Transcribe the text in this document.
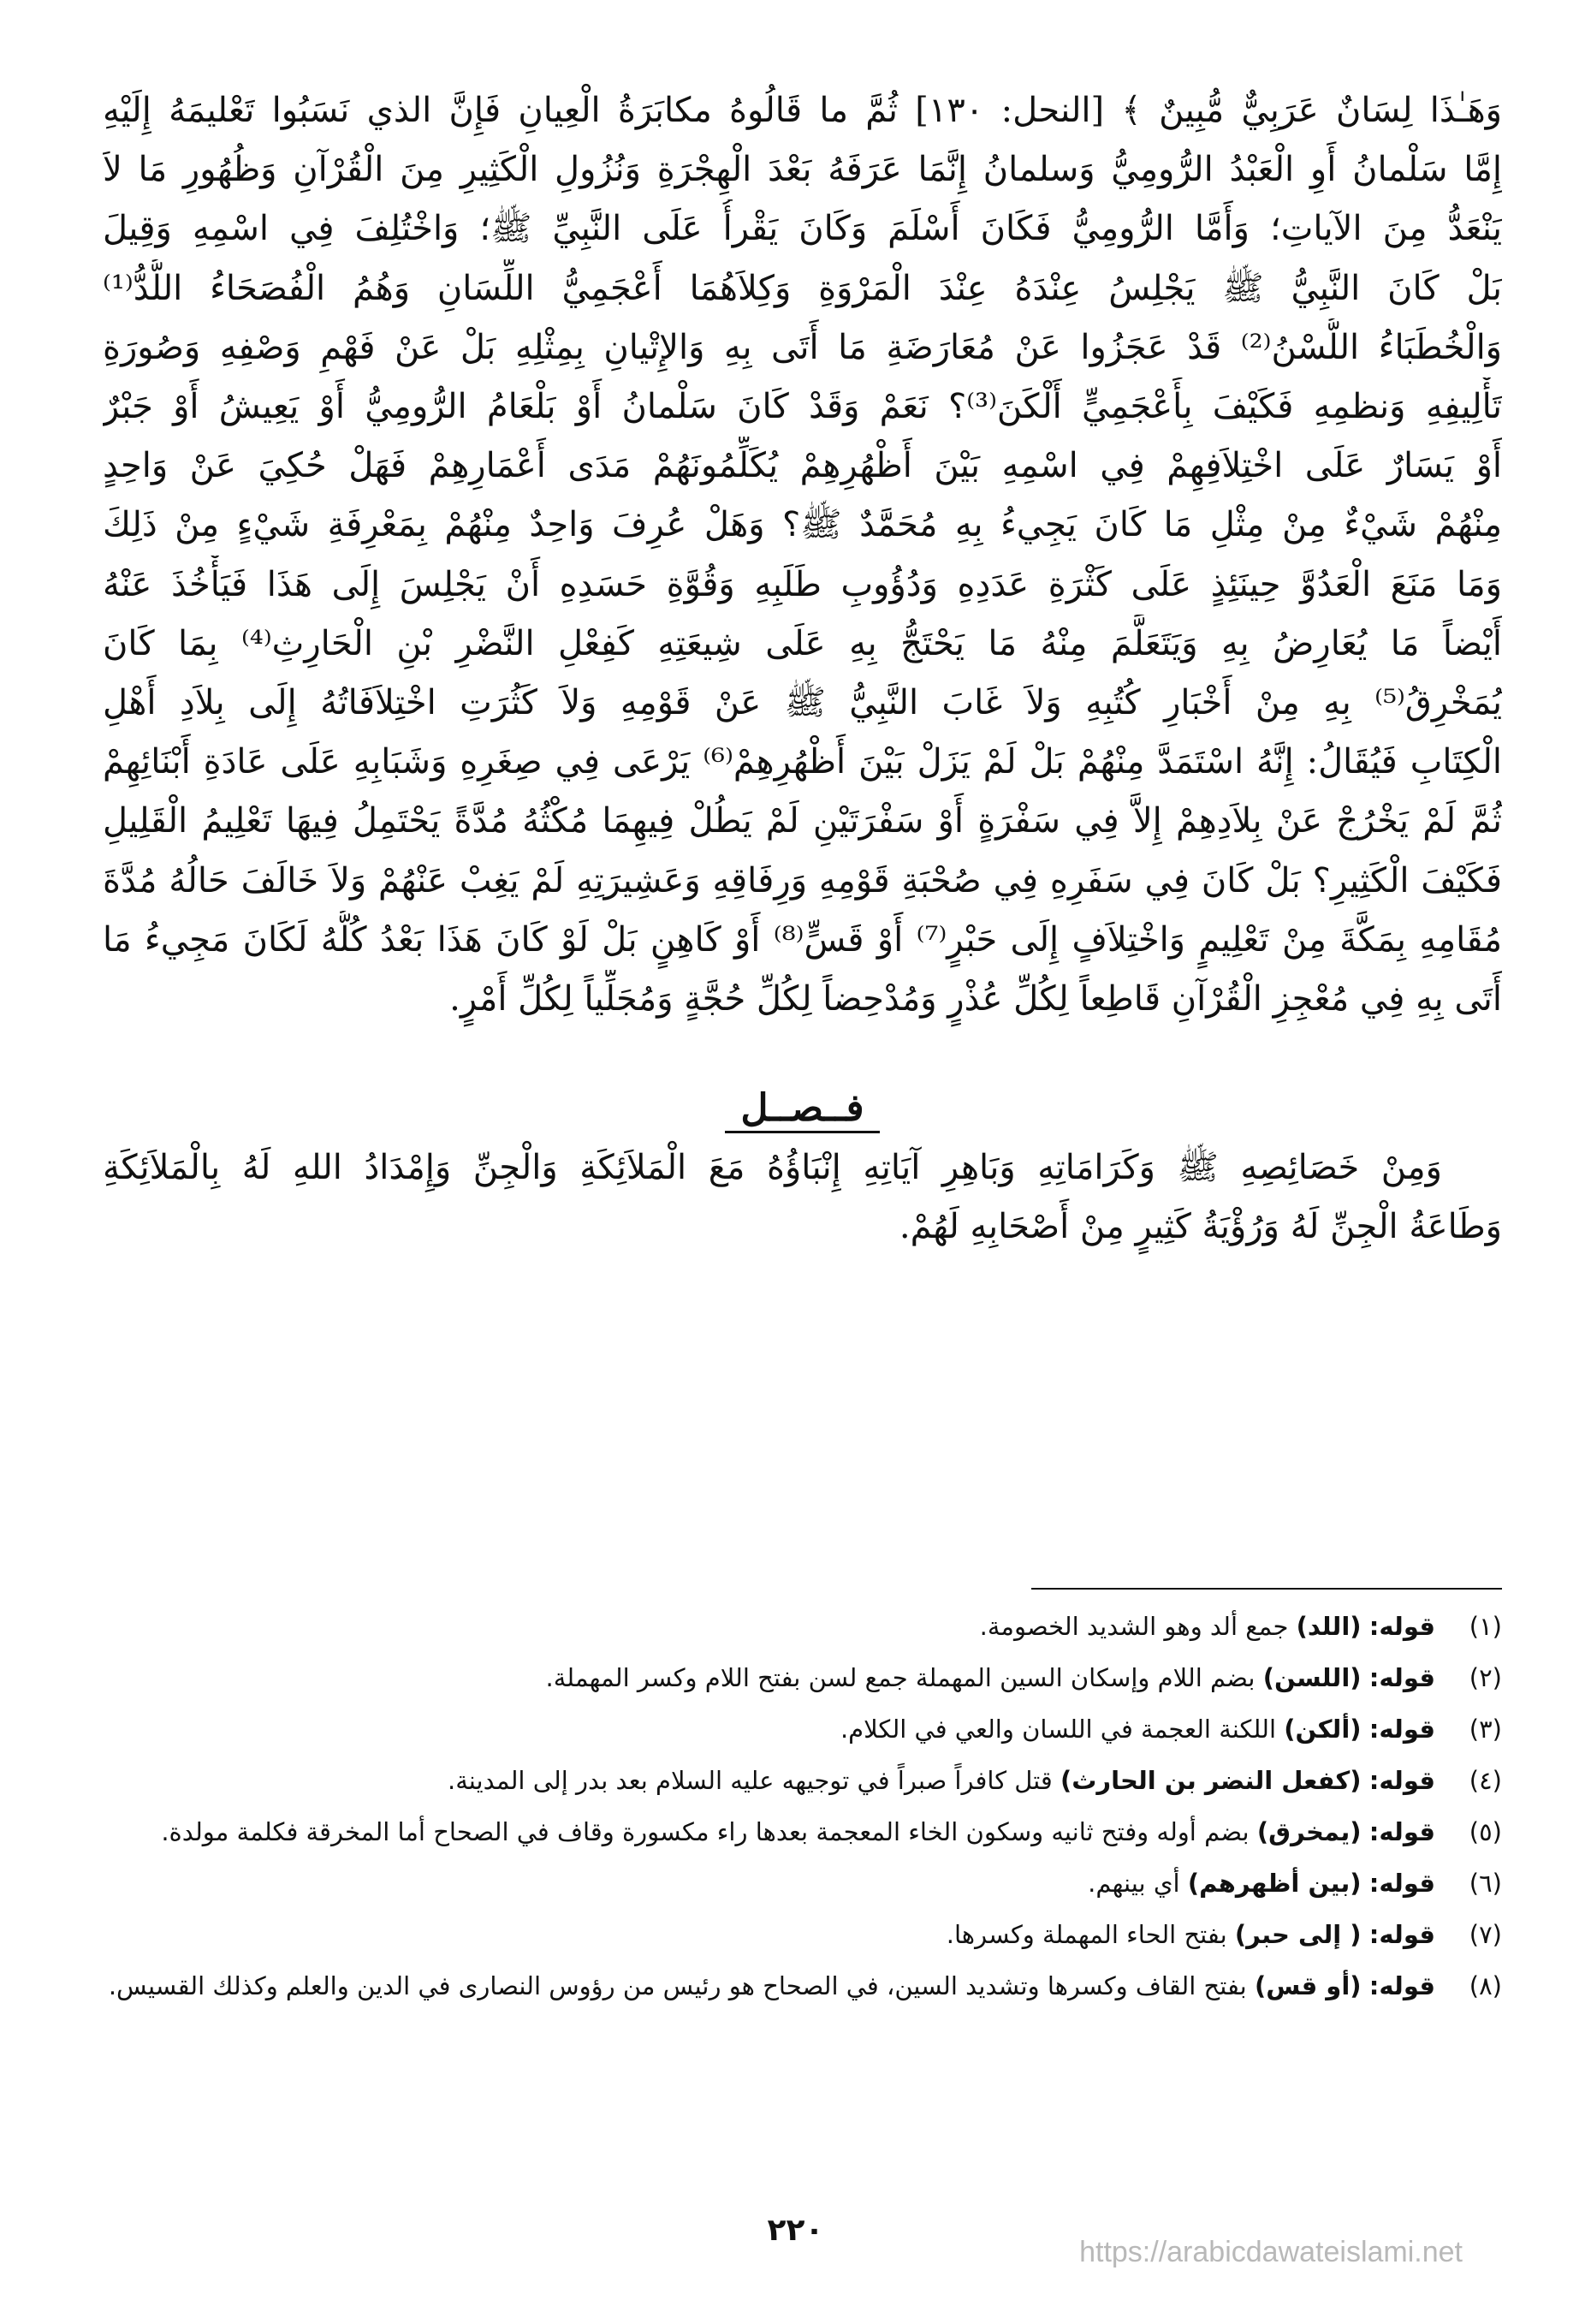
وَهَـٰذَا لِسَانٌ عَرَبِيٌّ مُّبِينٌ ﴾ [النحل: ١٣٠] ثُمَّ ما قَالُوهُ مكابَرَةُ الْعِيانِ فَإِنَّ الذي نَسَبُوا تَعْليمَهُ إِلَيْهِ

إِمَّا سَلْمانُ أَوِ الْعَبْدُ الرُّومِيُّ وَسلمانُ إِنَّمَا عَرَفَهُ بَعْدَ الْهِجْرَةِ وَنُزُولِ الْكَثِيرِ مِنَ الْقُرْآنِ وَظُهُورِ مَا لاَ

يَنْعَدُّ مِنَ الآياتِ؛ وَأَمَّا الرُّومِيُّ فَكَانَ أَسْلَمَ وَكَانَ يَقْرأُ عَلَى النَّبِيِّ ﷺ؛ وَاخْتُلِفَ فِي اسْمِهِ وَقِيلَ

بَلْ كَانَ النَّبِيُّ ﷺ يَجْلِسُ عِنْدَهُ عِنْدَ الْمَرْوَةِ وَكِلاَهُمَا أَعْجَمِيُّ اللِّسَانِ وَهُمُ الْفُصَحَاءُ اللُّدُّ⁽¹⁾

وَالْخُطَبَاءُ اللُّسْنُ⁽²⁾ قَدْ عَجَزُوا عَنْ مُعَارَضَةِ مَا أَتَى بِهِ وَالإِتْيانِ بِمِثْلِهِ بَلْ عَنْ فَهْمِ وَصْفِهِ وَصُورَةِ

تَأْلِيفِهِ وَنظمِهِ فَكَيْفَ بِأَعْجَمِيٍّ أَلْكَنَ⁽³⁾؟ نَعَمْ وَقَدْ كَانَ سَلْمانُ أَوْ بَلْعَامُ الرُّومِيُّ أَوْ يَعِيشُ أَوْ جَبْرٌ

أَوْ يَسَارٌ عَلَى اخْتِلاَفِهِمْ فِي اسْمِهِ بَيْنَ أَظْهُرِهِمْ يُكَلِّمُونَهُمْ مَدَى أَعْمَارِهِمْ فَهَلْ حُكِيَ عَنْ وَاحِدٍ

مِنْهُمْ شَيْءٌ مِنْ مِثْلِ مَا كَانَ يَجِيءُ بِهِ مُحَمَّدٌ ﷺ؟ وَهَلْ عُرِفَ وَاحِدٌ مِنْهُمْ بِمَعْرِفَةِ شَيْءٍ مِنْ ذَلِكَ

وَمَا مَنَعَ الْعَدُوَّ حِينَئِذٍ عَلَى كَثْرَةِ عَدَدِهِ وَدُؤُوبِ طَلَبِهِ وَقُوَّةِ حَسَدِهِ أَنْ يَجْلِسَ إِلَى هَذَا فَيَأْخُذَ عَنْهُ

أَيْضاً مَا يُعَارِضُ بِهِ وَيَتَعَلَّمَ مِنْهُ مَا يَحْتَجُّ بِهِ عَلَى شِيعَتِهِ كَفِعْلِ النَّضْرِ بْنِ الْحَارِثِ⁽⁴⁾ بِمَا كَانَ

يُمَخْرِقُ⁽⁵⁾ بِهِ مِنْ أَخْبَارِ كُتُبِهِ وَلاَ غَابَ النَّبِيُّ ﷺ عَنْ قَوْمِهِ وَلاَ كَثُرَتِ اخْتِلاَفَاتُهُ إِلَى بِلاَدِ أَهْلِ

الْكِتَابِ فَيُقَالُ: إِنَّهُ اسْتَمَدَّ مِنْهُمْ بَلْ لَمْ يَزَلْ بَيْنَ أَظْهُرِهِمْ⁽⁶⁾ يَرْعَى فِي صِغَرِهِ وَشَبَابِهِ عَلَى عَادَةِ أَبْنَائِهِمْ

ثُمَّ لَمْ يَخْرُجْ عَنْ بِلاَدِهِمْ إِلاَّ فِي سَفْرَةٍ أَوْ سَفْرَتَيْنِ لَمْ يَطُلْ فِيهِمَا مُكْثُهُ مُدَّةً يَحْتَمِلُ فِيهَا تَعْلِيمُ الْقَلِيلِ

فَكَيْفَ الْكَثِيرِ؟ بَلْ كَانَ فِي سَفَرِهِ فِي صُحْبَةِ قَوْمِهِ وَرِفَاقِهِ وَعَشِيرَتِهِ لَمْ يَغِبْ عَنْهُمْ وَلاَ خَالَفَ حَالُهُ مُدَّةَ

مُقَامِهِ بِمَكَّةَ مِنْ تَعْلِيمٍ وَاخْتِلاَفٍ إِلَى حَبْرٍ⁽⁷⁾ أَوْ قَسٍّ⁽⁸⁾ أَوْ كَاهِنٍ بَلْ لَوْ كَانَ هَذَا بَعْدُ كُلُّهُ لَكَانَ مَجِيءُ مَا

أَتَى بِهِ فِي مُعْجِزِ الْقُرْآنِ قَاطِعاً لِكُلِّ عُذْرٍ وَمُدْحِضاً لِكُلِّ حُجَّةٍ وَمُجَلِّياً لِكُلِّ أَمْرٍ.

فــصــل

وَمِنْ خَصَائِصِهِ ﷺ وَكَرَامَاتِهِ وَبَاهِرِ آيَاتِهِ إِنْبَاؤُهُ مَعَ الْمَلاَئِكَةِ وَالْجِنِّ وَإِمْدَادُ اللهِ لَهُ بِالْمَلاَئِكَةِ

وَطَاعَةُ الْجِنِّ لَهُ وَرُؤْيَةُ كَثِيرٍ مِنْ أَصْحَابِهِ لَهُمْ.

(١)
قوله: (اللد) جمع ألد وهو الشديد الخصومة.
(٢)
قوله: (اللسن) بضم اللام وإسكان السين المهملة جمع لسن بفتح اللام وكسر المهملة.
(٣)
قوله: (ألكن) اللكنة العجمة في اللسان والعي في الكلام.
(٤)
قوله: (كفعل النضر بن الحارث) قتل كافراً صبراً في توجيهه عليه السلام بعد بدر إلى المدينة.
(٥)
قوله: (يمخرق) بضم أوله وفتح ثانيه وسكون الخاء المعجمة بعدها راء مكسورة وقاف في الصحاح أما المخرقة فكلمة مولدة.
(٦)
قوله: (بين أظهرهم) أي بينهم.
(٧)
قوله: ( إلى حبر) بفتح الحاء المهملة وكسرها.
(٨)
قوله: (أو قس) بفتح القاف وكسرها وتشديد السين، في الصحاح هو رئيس من رؤوس النصارى في الدين والعلم وكذلك القسيس.
٢٢٠
https://arabicdawateislami.net
